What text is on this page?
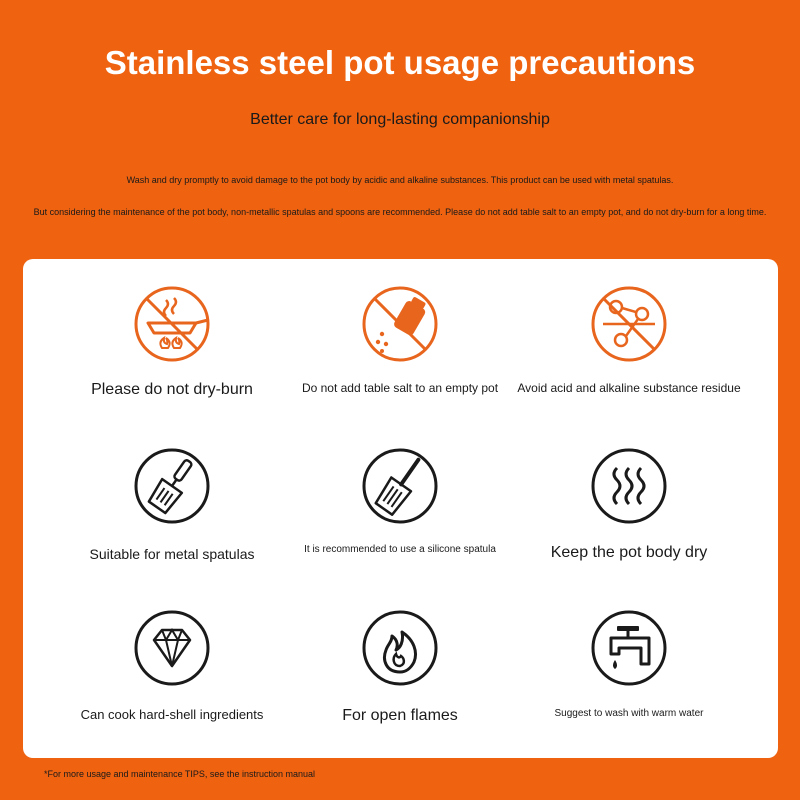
Stainless steel pot usage precautions
Better care for long-lasting companionship
Wash and dry promptly to avoid damage to the pot body by acidic and alkaline substances. This product can be used with metal spatulas.
But considering the maintenance of the pot body, non-metallic spatulas and spoons are recommended. Please do not add table salt to an empty pot, and do not dry-burn for a long time.
Please do not dry-burn	Do not add table salt to an empty pot	Avoid acid and alkaline substance residue
Suitable for metal spatulas	It is recommended to use a silicone spatula	Keep the pot body dry
Can cook hard-shell ingredients	For open flames	Suggest to wash with warm water
*For more usage and maintenance TIPS, see the instruction manual
